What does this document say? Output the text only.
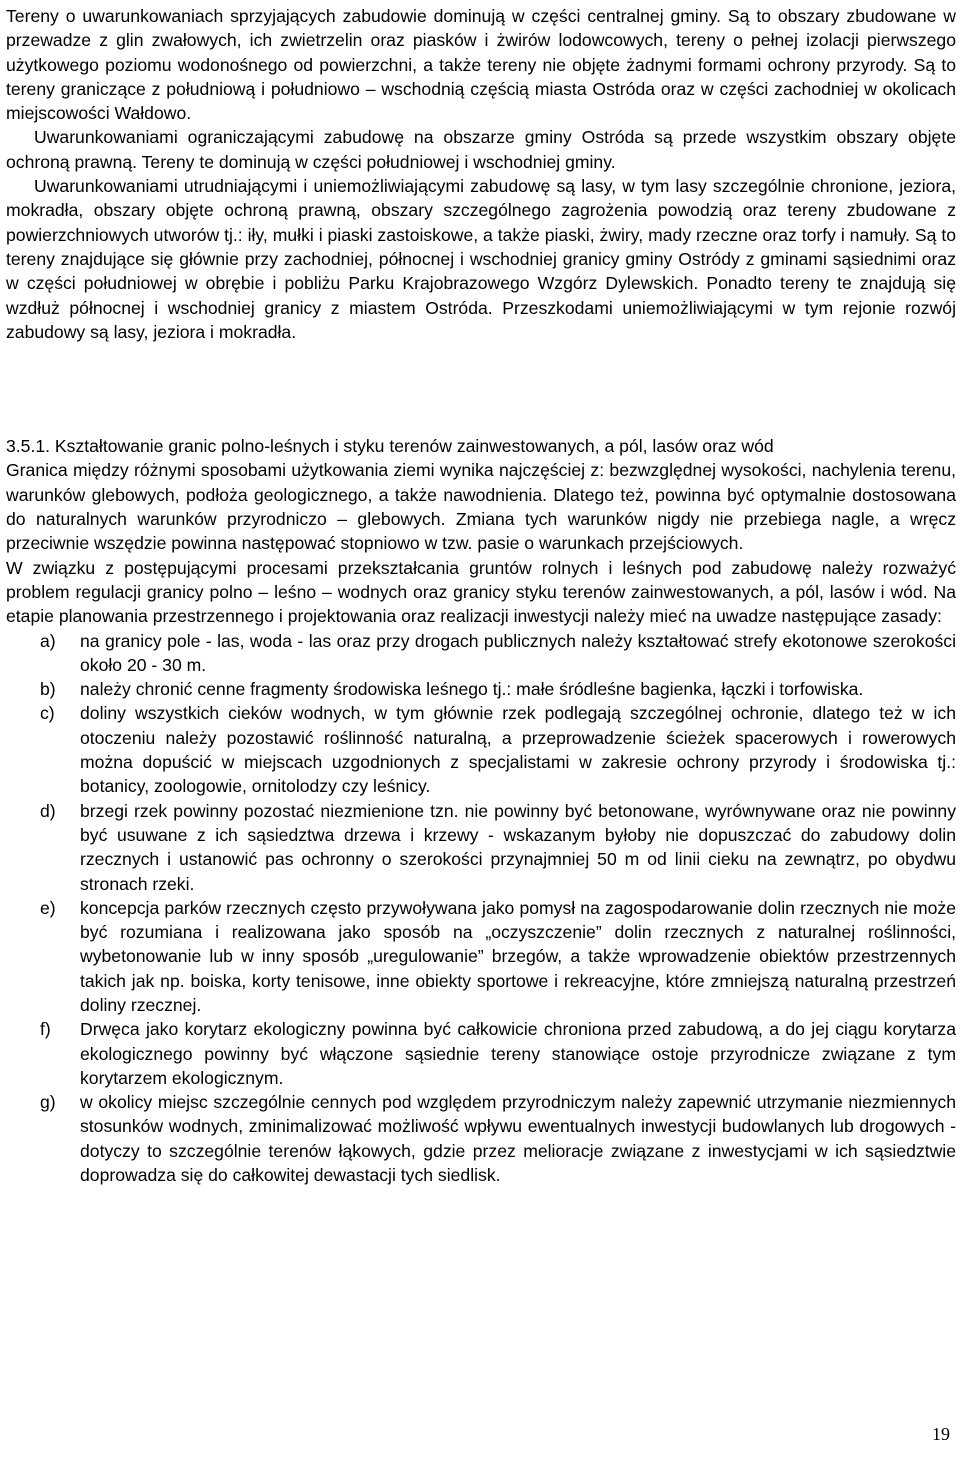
Tereny o uwarunkowaniach sprzyjających zabudowie dominują w części centralnej gminy. Są to obszary zbudowane w przewadze z glin zwałowych, ich zwietrzelin oraz piasków i żwirów lodowcowych, tereny o pełnej izolacji pierwszego użytkowego poziomu wodonośnego od powierzchni, a także tereny nie objęte żadnymi formami ochrony przyrody. Są to tereny graniczące z południową i południowo – wschodnią częścią miasta Ostróda oraz w części zachodniej w okolicach miejscowości Wałdowo.

Uwarunkowaniami ograniczającymi zabudowę na obszarze gminy Ostróda są przede wszystkim obszary objęte ochroną prawną. Tereny te dominują w części południowej i wschodniej gminy.

Uwarunkowaniami utrudniającymi i uniemożliwiającymi zabudowę są lasy, w tym lasy szczególnie chronione, jeziora, mokradła, obszary objęte ochroną prawną, obszary szczególnego zagrożenia powodzią oraz tereny zbudowane z powierzchniowych utworów tj.: iły, mułki i piaski zastoiskowe, a także piaski, żwiry, mady rzeczne oraz torfy i namuły. Są to tereny znajdujące się głównie przy zachodniej, północnej i wschodniej granicy gminy Ostródy z gminami sąsiednimi oraz w części południowej w obrębie i pobliżu Parku Krajobrazowego Wzgórz Dylewskich. Ponadto tereny te znajdują się wzdłuż północnej i wschodniej granicy z miastem Ostróda. Przeszkodami uniemożliwiającymi w tym rejonie rozwój zabudowy są lasy, jeziora i mokradła.

3.5.1. Kształtowanie granic polno-leśnych i styku terenów zainwestowanych, a pól, lasów oraz wód

Granica między różnymi sposobami użytkowania ziemi wynika najczęściej z: bezwzględnej wysokości, nachylenia terenu, warunków glebowych, podłoża geologicznego, a także nawodnienia. Dlatego też, powinna być optymalnie dostosowana do naturalnych warunków przyrodniczo – glebowych. Zmiana tych warunków nigdy nie przebiega nagle, a wręcz przeciwnie wszędzie powinna następować stopniowo w tzw. pasie o warunkach przejściowych.

W związku z postępującymi procesami przekształcania gruntów rolnych i leśnych pod zabudowę należy rozważyć problem regulacji granicy polno – leśno – wodnych oraz granicy styku terenów zainwestowanych, a pól, lasów i wód. Na etapie planowania przestrzennego i projektowania oraz realizacji inwestycji należy mieć na uwadze następujące zasady:

a) na granicy pole - las, woda - las oraz przy drogach publicznych należy kształtować strefy ekotonowe szerokości około 20 - 30 m.
b) należy chronić cenne fragmenty środowiska leśnego tj.: małe śródleśne bagienka, łączki i torfowiska.
c) doliny wszystkich cieków wodnych, w tym głównie rzek podlegają szczególnej ochronie, dlatego też w ich otoczeniu należy pozostawić roślinność naturalną, a przeprowadzenie ścieżek spacerowych i rowerowych można dopuścić w miejscach uzgodnionych z specjalistami w zakresie ochrony przyrody i środowiska tj.: botanicy, zoologowie, ornitolodzy czy leśnicy.
d) brzegi rzek powinny pozostać niezmienione tzn. nie powinny być betonowane, wyrównywane oraz nie powinny być usuwane z ich sąsiedztwa drzewa i krzewy - wskazanym byłoby nie dopuszczać do zabudowy dolin rzecznych i ustanowić pas ochronny o szerokości przynajmniej 50 m od linii cieku na zewnątrz, po obydwu stronach rzeki.
e) koncepcja parków rzecznych często przywoływana jako pomysł na zagospodarowanie dolin rzecznych nie może być rozumiana i realizowana jako sposób na „oczyszczenie” dolin rzecznych z naturalnej roślinności, wybetonowanie lub w inny sposób „uregulowanie” brzegów, a także wprowadzenie obiektów przestrzennych takich jak np. boiska, korty tenisowe, inne obiekty sportowe i rekreacyjne, które zmniejszą naturalną przestrzeń doliny rzecznej.
f) Drwęca jako korytarz ekologiczny powinna być całkowicie chroniona przed zabudową, a do jej ciągu korytarza ekologicznego powinny być włączone sąsiednie tereny stanowiące ostoje przyrodnicze związane z tym korytarzem ekologicznym.
g) w okolicy miejsc szczególnie cennych pod względem przyrodniczym należy zapewnić utrzymanie niezmiennych stosunków wodnych, zminimalizować możliwość wpływu ewentualnych inwestycji budowlanych lub drogowych - dotyczy to szczególnie terenów łąkowych, gdzie przez melioracje związane z inwestycjami w ich sąsiedztwie doprowadza się do całkowitej dewastacji tych siedlisk.
19
